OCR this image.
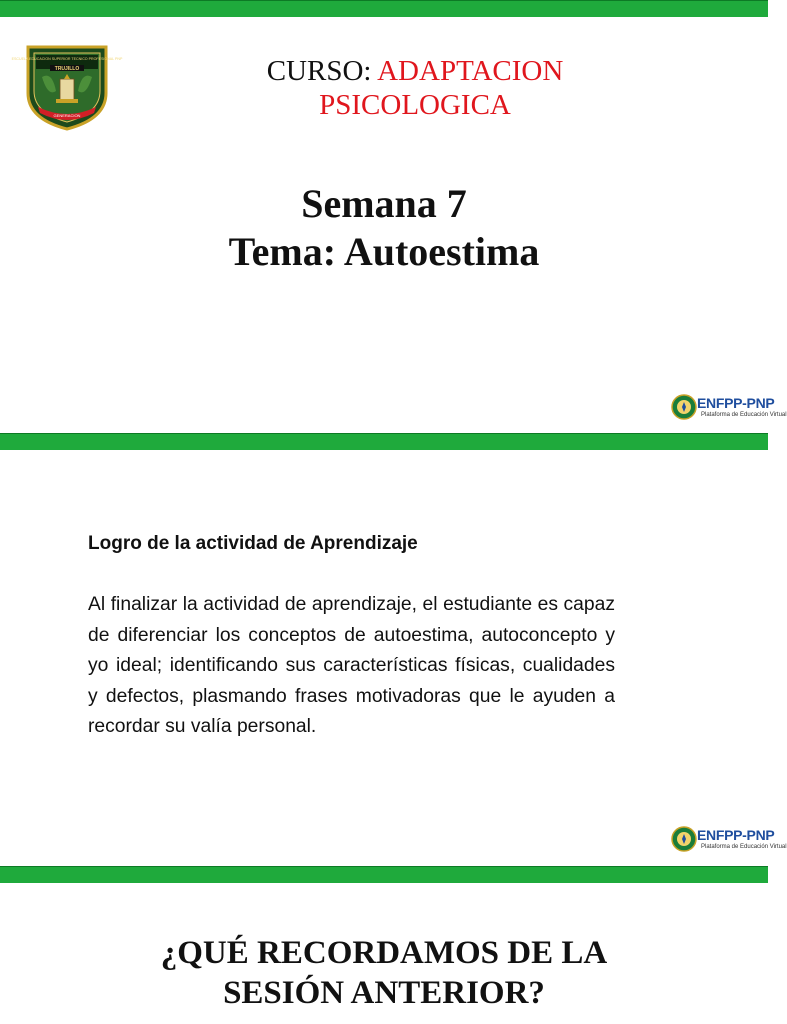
ESCUELA EDUCACION SUPERIOR TECNICO PROFESIONAL PNP
TRUJILLO
GENERACION
CURSO: ADAPTACION
PSICOLOGICA
Semana 7
Tema: Autoestima
ENFPP-PNP
Plataforma de Educación Virtual
Logro de la actividad de Aprendizaje
Al finalizar la actividad de aprendizaje, el estudiante es capaz de diferenciar los conceptos de autoestima, autoconcepto y yo ideal; identificando sus características físicas, cualidades y defectos, plasmando frases motivadoras que le ayuden a recordar su valía personal.
ENFPP-PNP
Plataforma de Educación Virtual
¿QUÉ RECORDAMOS DE LA
SESIÓN ANTERIOR?
